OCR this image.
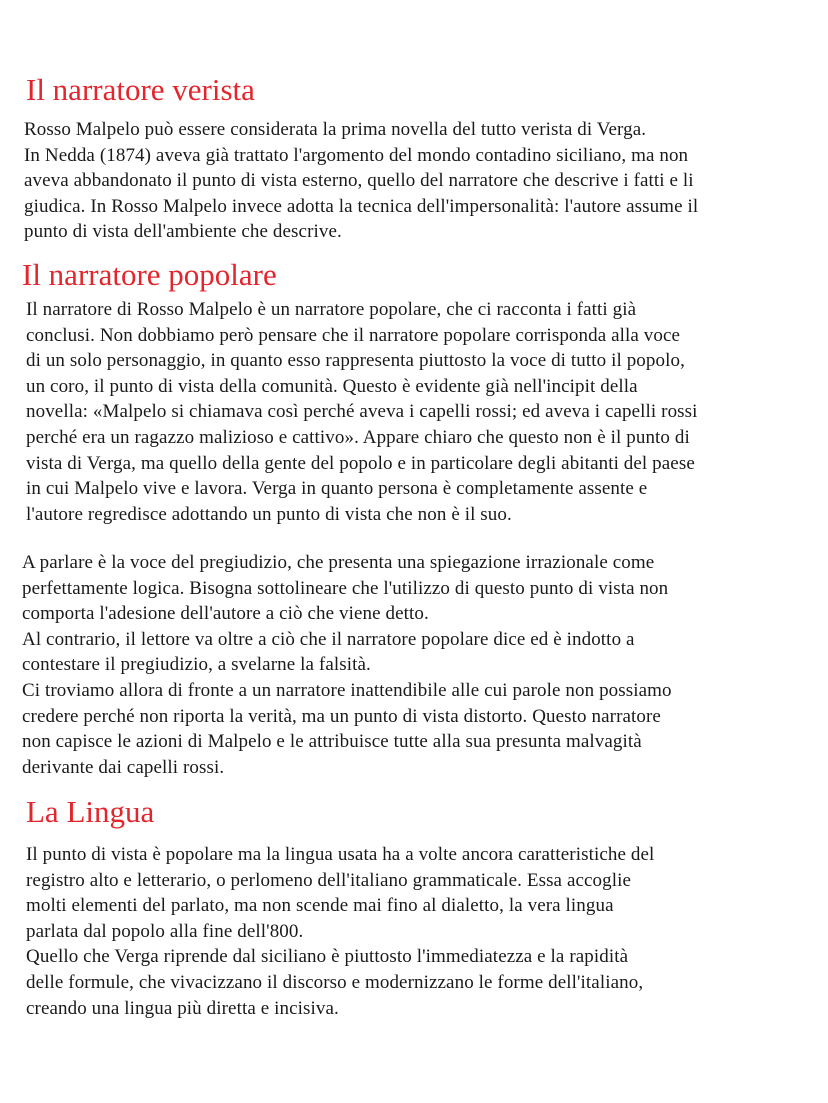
Il narratore verista
Rosso Malpelo può essere considerata la prima novella del tutto verista di Verga.
In Nedda (1874) aveva già trattato l'argomento del mondo contadino siciliano, ma non
aveva abbandonato il punto di vista esterno, quello del narratore che descrive i fatti e li
giudica. In Rosso Malpelo invece adotta la tecnica dell'impersonalità: l'autore assume il
punto di vista dell'ambiente che descrive.
Il narratore popolare
Il narratore di Rosso Malpelo è un narratore popolare, che ci racconta i fatti già
conclusi. Non dobbiamo però pensare che il narratore popolare corrisponda alla voce
di un solo personaggio, in quanto esso rappresenta piuttosto la voce di tutto il popolo,
un coro, il punto di vista della comunità. Questo è evidente già nell'incipit della
novella: «Malpelo si chiamava così perché aveva i capelli rossi; ed aveva i capelli rossi
perché era un ragazzo malizioso e cattivo». Appare chiaro che questo non è il punto di
vista di Verga, ma quello della gente del popolo e in particolare degli abitanti del paese
in cui Malpelo vive e lavora. Verga in quanto persona è completamente assente e
l'autore regredisce adottando un punto di vista che non è il suo.
A parlare è la voce del pregiudizio, che presenta una spiegazione irrazionale come
perfettamente logica. Bisogna sottolineare che l'utilizzo di questo punto di vista non
comporta l'adesione dell'autore a ciò che viene detto.
Al contrario, il lettore va oltre a ciò che il narratore popolare dice ed è indotto a
contestare il pregiudizio, a svelarne la falsità.
Ci troviamo allora di fronte a un narratore inattendibile alle cui parole non possiamo
credere perché non riporta la verità, ma un punto di vista distorto. Questo narratore
non capisce le azioni di Malpelo e le attribuisce tutte alla sua presunta malvagità
derivante dai capelli rossi.
La Lingua
Il punto di vista è popolare ma la lingua usata ha a volte ancora caratteristiche del
registro alto e letterario, o perlomeno dell'italiano grammaticale. Essa accoglie
molti elementi del parlato, ma non scende mai fino al dialetto, la vera lingua
parlata dal popolo alla fine dell'800.
Quello che Verga riprende dal siciliano è piuttosto l'immediatezza e la rapidità
delle formule, che vivacizzano il discorso e modernizzano le forme dell'italiano,
creando una lingua più diretta e incisiva.
